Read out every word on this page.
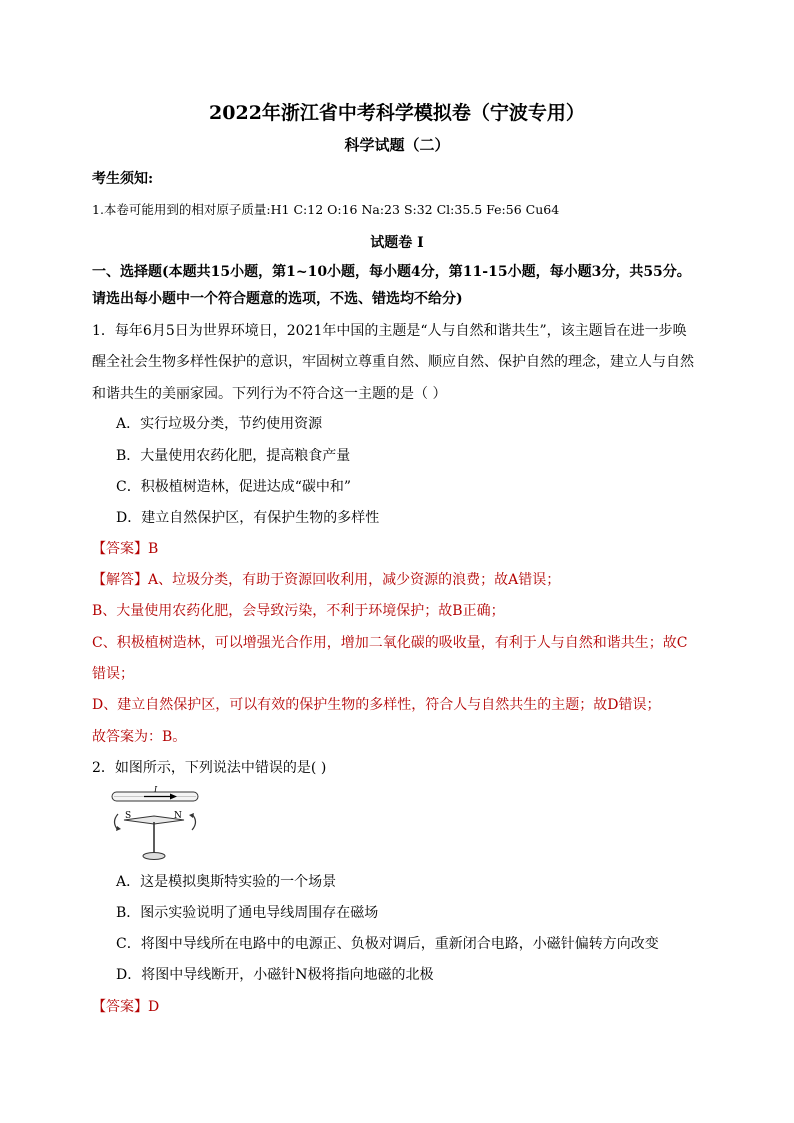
2022年浙江省中考科学模拟卷（宁波专用）
科学试题（二）
考生须知:
1.本卷可能用到的相对原子质量:H1 C:12 O:16 Na:23 S:32 Cl:35.5 Fe:56 Cu64
试题卷 I
一、选择题(本题共15小题，第1~10小题，每小题4分，第11-15小题，每小题3分，共55分。
请选出每小题中一个符合题意的选项，不选、错选均不给分)
1．每年6月5日为世界环境日，2021年中国的主题是“人与自然和谐共生”，该主题旨在进一步唤
醒全社会生物多样性保护的意识，牢固树立尊重自然、顺应自然、保护自然的理念，建立人与自然
和谐共生的美丽家园。下列行为不符合这一主题的是（ ）
A．实行垃圾分类，节约使用资源
B．大量使用农药化肥，提高粮食产量
C．积极植树造林，促进达成“碳中和”
D．建立自然保护区，有保护生物的多样性
【答案】B
【解答】A、垃圾分类，有助于资源回收利用，减少资源的浪费；故A错误；
B、大量使用农药化肥，会导致污染，不利于环境保护；故B正确；
C、积极植树造林，可以增强光合作用，增加二氧化碳的吸收量，有利于人与自然和谐共生；故C
错误；
D、建立自然保护区，可以有效的保护生物的多样性，符合人与自然共生的主题；故D错误；
故答案为：B。
2．如图所示，下列说法中错误的是( )
I
S	N
A．这是模拟奥斯特实验的一个场景
B．图示实验说明了通电导线周围存在磁场
C．将图中导线所在电路中的电源正、负极对调后，重新闭合电路，小磁针偏转方向改变
D．将图中导线断开，小磁针N极将指向地磁的北极
【答案】D
